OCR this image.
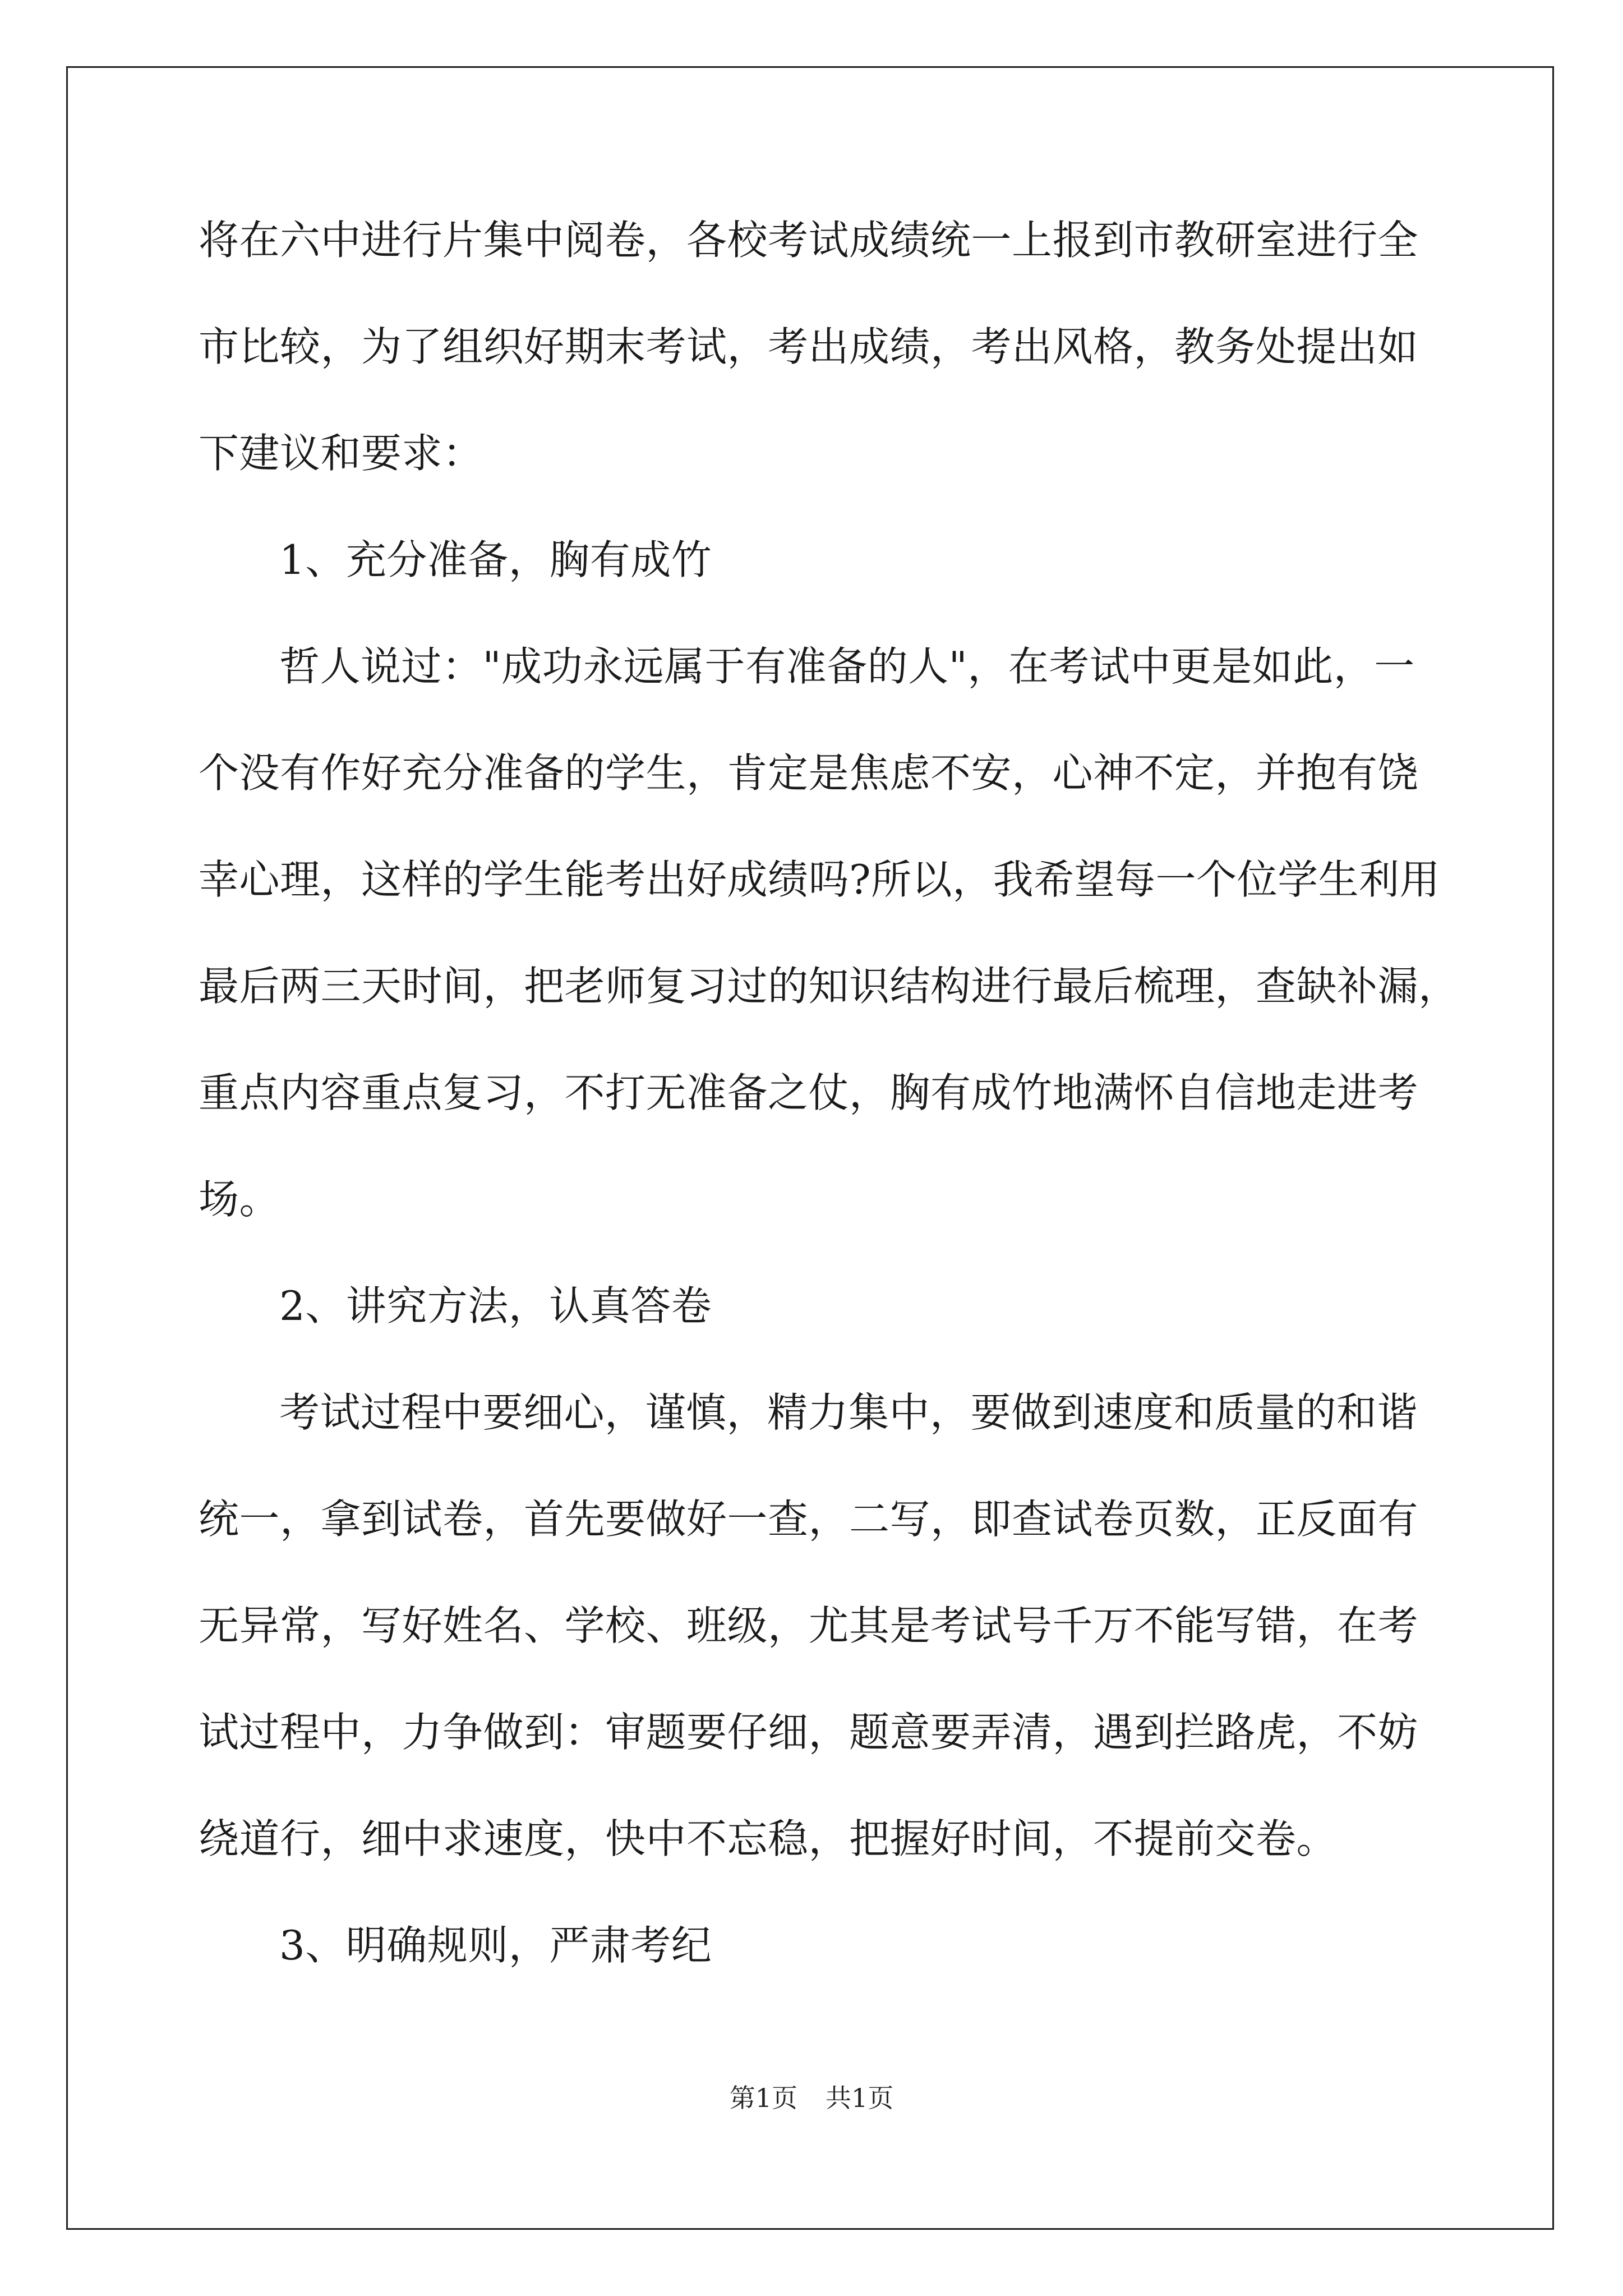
将在六中进行片集中阅卷，各校考试成绩统一上报到市教研室进行全

市比较，为了组织好期末考试，考出成绩，考出风格，教务处提出如

下建议和要求：

1、充分准备，胸有成竹

哲人说过："成功永远属于有准备的人"，在考试中更是如此，一

个没有作好充分准备的学生，肯定是焦虑不安，心神不定，并抱有饶

幸心理，这样的学生能考出好成绩吗?所以，我希望每一个位学生利用

最后两三天时间，把老师复习过的知识结构进行最后梳理，查缺补漏，

重点内容重点复习，不打无准备之仗，胸有成竹地满怀自信地走进考

场。

2、讲究方法，认真答卷

考试过程中要细心，谨慎，精力集中，要做到速度和质量的和谐

统一，拿到试卷，首先要做好一查，二写，即查试卷页数，正反面有

无异常，写好姓名、学校、班级，尤其是考试号千万不能写错，在考

试过程中，力争做到：审题要仔细，题意要弄清，遇到拦路虎，不妨

绕道行，细中求速度，快中不忘稳，把握好时间，不提前交卷。

3、明确规则，严肃考纪

第1页 共1页
